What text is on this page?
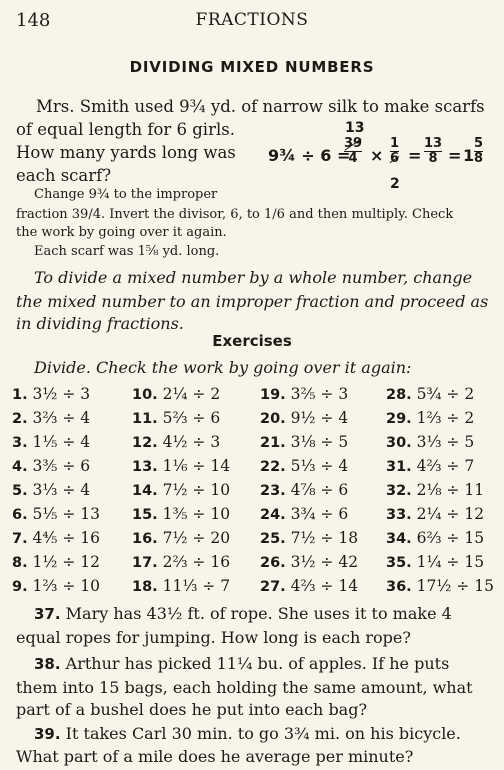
148	FRACTIONS
DIVIDING MIXED NUMBERS
Mrs. Smith used 9¾ yd. of narrow silk to make scarfs
of equal length for 6 girls.
How many yards long was
each scarf?
9¾ ÷ 6 =
13
$\frac{39}{4} \times \frac{1}{6}$
2
= $\frac{13}{8} = 1 \frac{5}{8}$
Change 9¾ to the improper
fraction 39/4. Invert the divisor, 6, to 1/6 and then multiply. Check
the work by going over it again.
Each scarf was 1⅝ yd. long.
To divide a mixed number by a whole number, change
the mixed number to an improper fraction and proceed as
in dividing fractions.
Exercises
Divide. Check the work by going over it again:
1. 3½ ÷ 3	10. 2¼ ÷ 2	19. 3⅖ ÷ 3	28. 5¾ ÷ 2
2. 3⅔ ÷ 4	11. 5⅔ ÷ 6	20. 9½ ÷ 4	29. 1⅔ ÷ 2
3. 1⅕ ÷ 4	12. 4½ ÷ 3	21. 3⅛ ÷ 5	30. 3⅓ ÷ 5
4. 3⅗ ÷ 6	13. 1⅙ ÷ 14 22. 5⅓ ÷ 4	31. 4⅔ ÷ 7
5. 3⅓ ÷ 4	14. 7½ ÷ 10 23. 4⅞ ÷ 6	32. 2⅛ ÷ 11
6. 5⅕ ÷ 13 15. 1⅗ ÷ 10 24. 3¾ ÷ 6	33. 2¼ ÷ 12
7. 4⅘ ÷ 16 16. 7½ ÷ 20 25. 7½ ÷ 18 34. 6⅔ ÷ 15
8. 1½ ÷ 12 17. 2⅔ ÷ 16 26. 3½ ÷ 42 35. 1¼ ÷ 15
9. 1⅔ ÷ 10 18. 11⅓ ÷ 7 27. 4⅔ ÷ 14 36. 17½ ÷ 15
37. Mary has 43½ ft. of rope. She uses it to make 4
equal ropes for jumping. How long is each rope?
38. Arthur has picked 11¼ bu. of apples. If he puts
them into 15 bags, each holding the same amount, what
part of a bushel does he put into each bag?
39. It takes Carl 30 min. to go 3¾ mi. on his bicycle.
What part of a mile does he average per minute?
